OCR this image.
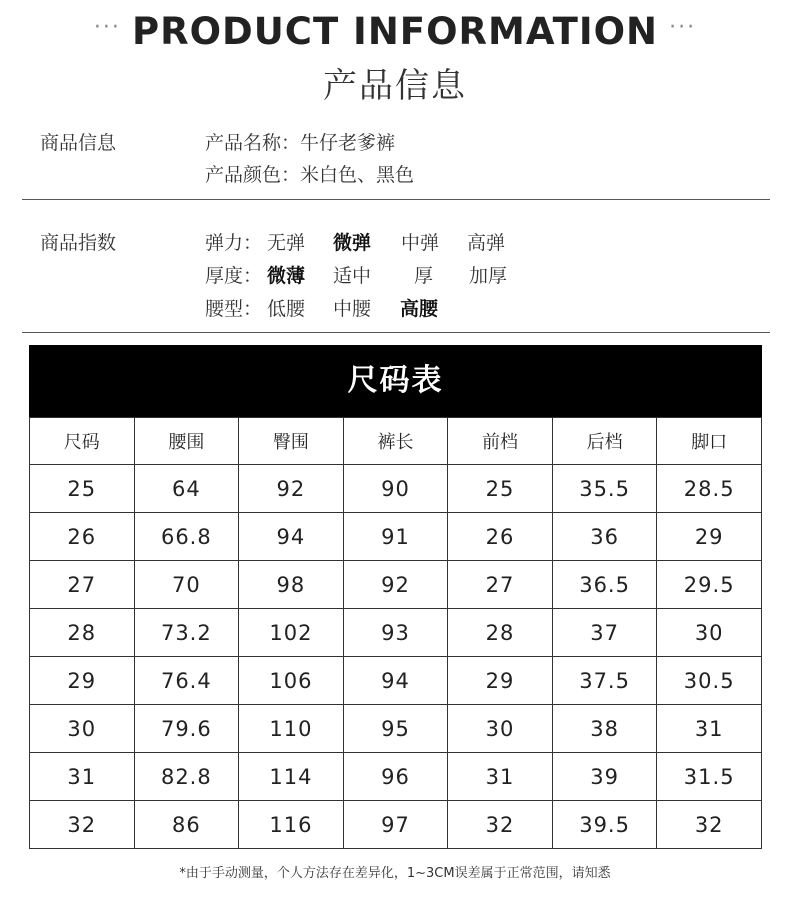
··· PRODUCT INFORMATION ···
产品信息
商品信息	产品名称：牛仔老爹裤
产品颜色：米白色、黑色
商品指数	弹力： 无弹 微弹 中弹 高弹
厚度： 微薄 适中 厚 加厚
腰型： 低腰 中腰 高腰
尺码表
尺码	腰围	臀围	裤长	前档	后档	脚口
25	64	92	90	25	35.5	28.5
26	66.8	94	91	26	36	29
27	70	98	92	27	36.5	29.5
28	73.2	102	93	28	37	30
29	76.4	106	94	29	37.5	30.5
30	79.6	110	95	30	38	31
31	82.8	114	96	31	39	31.5
32	86	116	97	32	39.5	32
*由于手动测量，个人方法存在差异化，1~3CM误差属于正常范围，请知悉
